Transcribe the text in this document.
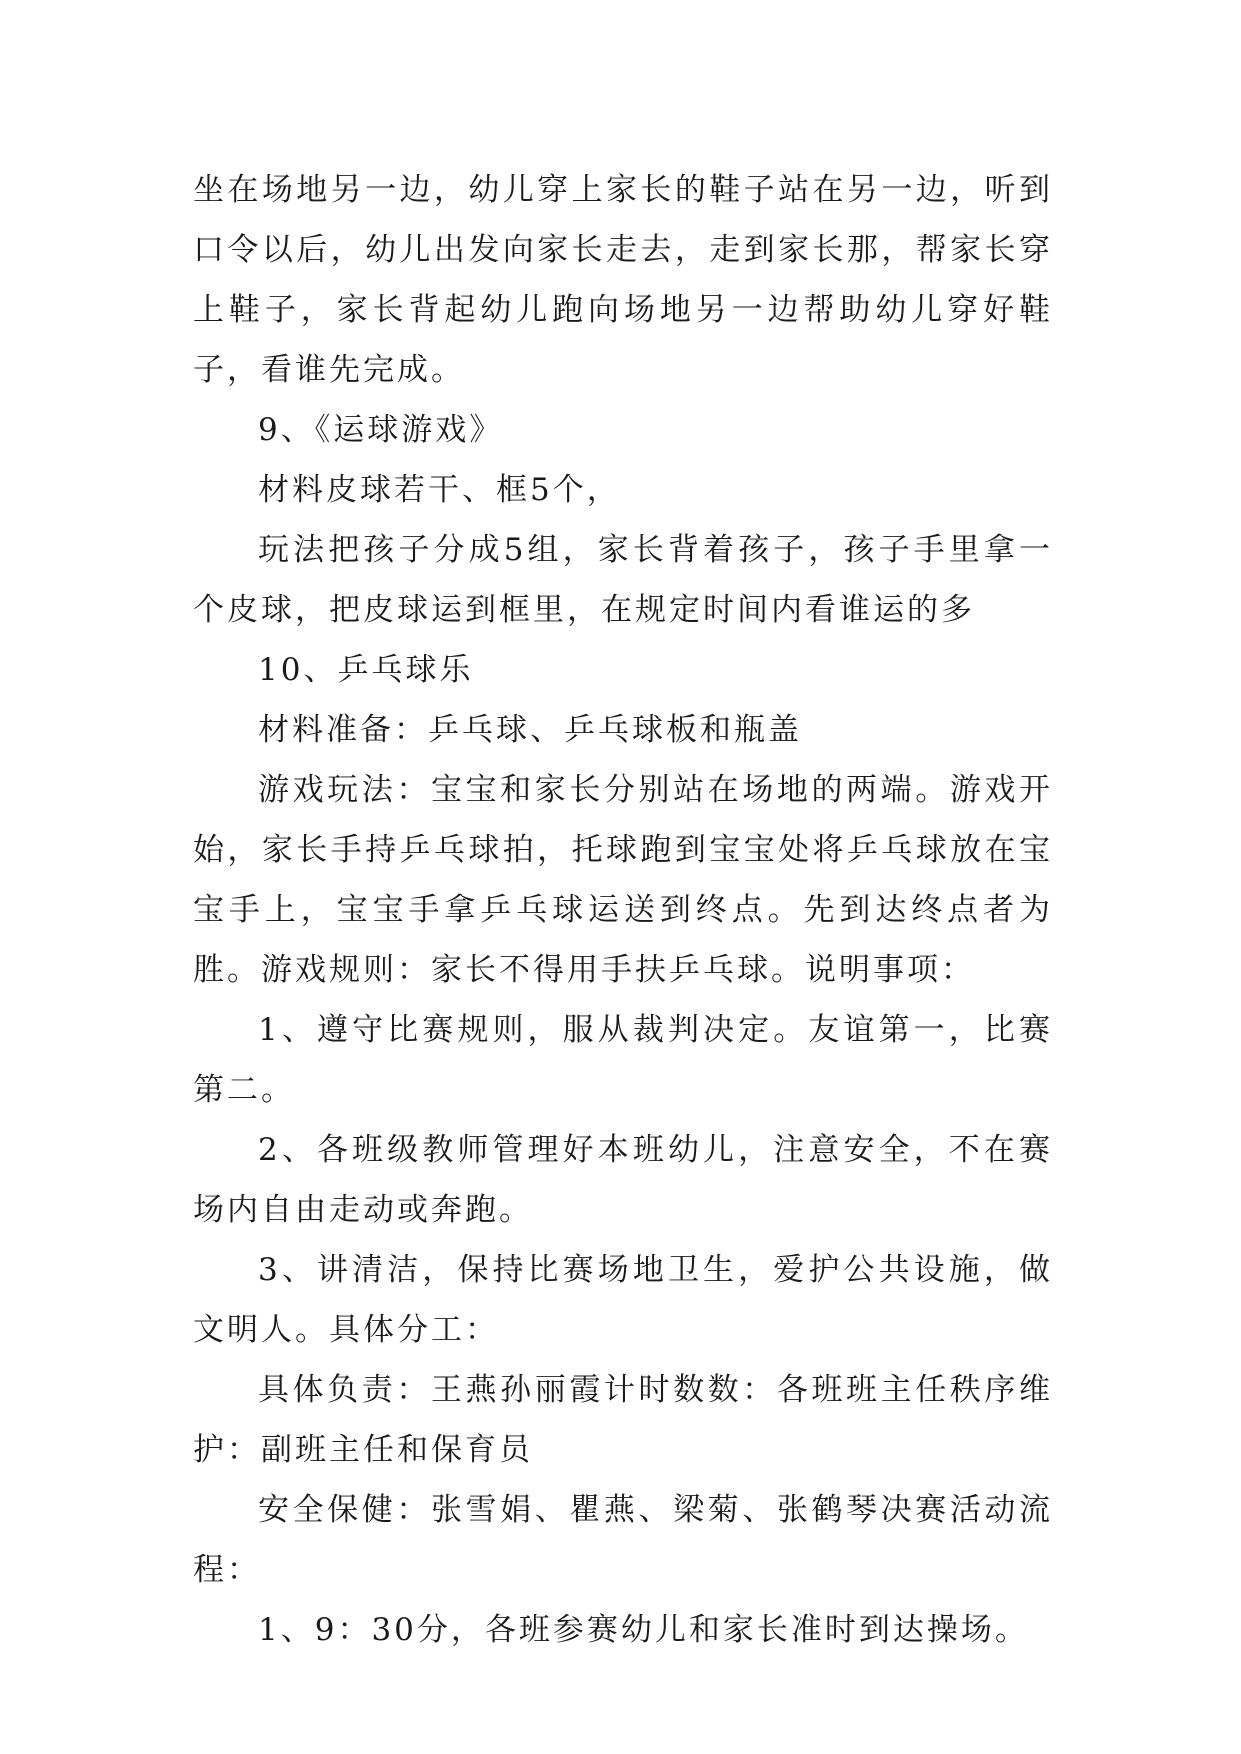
坐在场地另一边，幼儿穿上家长的鞋子站在另一边，听到口令以后，幼儿出发向家长走去，走到家长那，帮家长穿上鞋子，家长背起幼儿跑向场地另一边帮助幼儿穿好鞋子，看谁先完成。

9、《运球游戏》

材料皮球若干、框5个，

玩法把孩子分成5组，家长背着孩子，孩子手里拿一个皮球，把皮球运到框里，在规定时间内看谁运的多

10、乒乓球乐

材料准备：乒乓球、乒乓球板和瓶盖

游戏玩法：宝宝和家长分别站在场地的两端。游戏开始，家长手持乒乓球拍，托球跑到宝宝处将乒乓球放在宝宝手上，宝宝手拿乒乓球运送到终点。先到达终点者为胜。游戏规则：家长不得用手扶乒乓球。说明事项：

1、遵守比赛规则，服从裁判决定。友谊第一，比赛第二。

2、各班级教师管理好本班幼儿，注意安全，不在赛场内自由走动或奔跑。

3、讲清洁，保持比赛场地卫生，爱护公共设施，做文明人。具体分工：

具体负责：王燕孙丽霞计时数数：各班班主任秩序维护：副班主任和保育员

安全保健：张雪娟、瞿燕、梁菊、张鹤琴决赛活动流程：

1、9：30分，各班参赛幼儿和家长准时到达操场。
